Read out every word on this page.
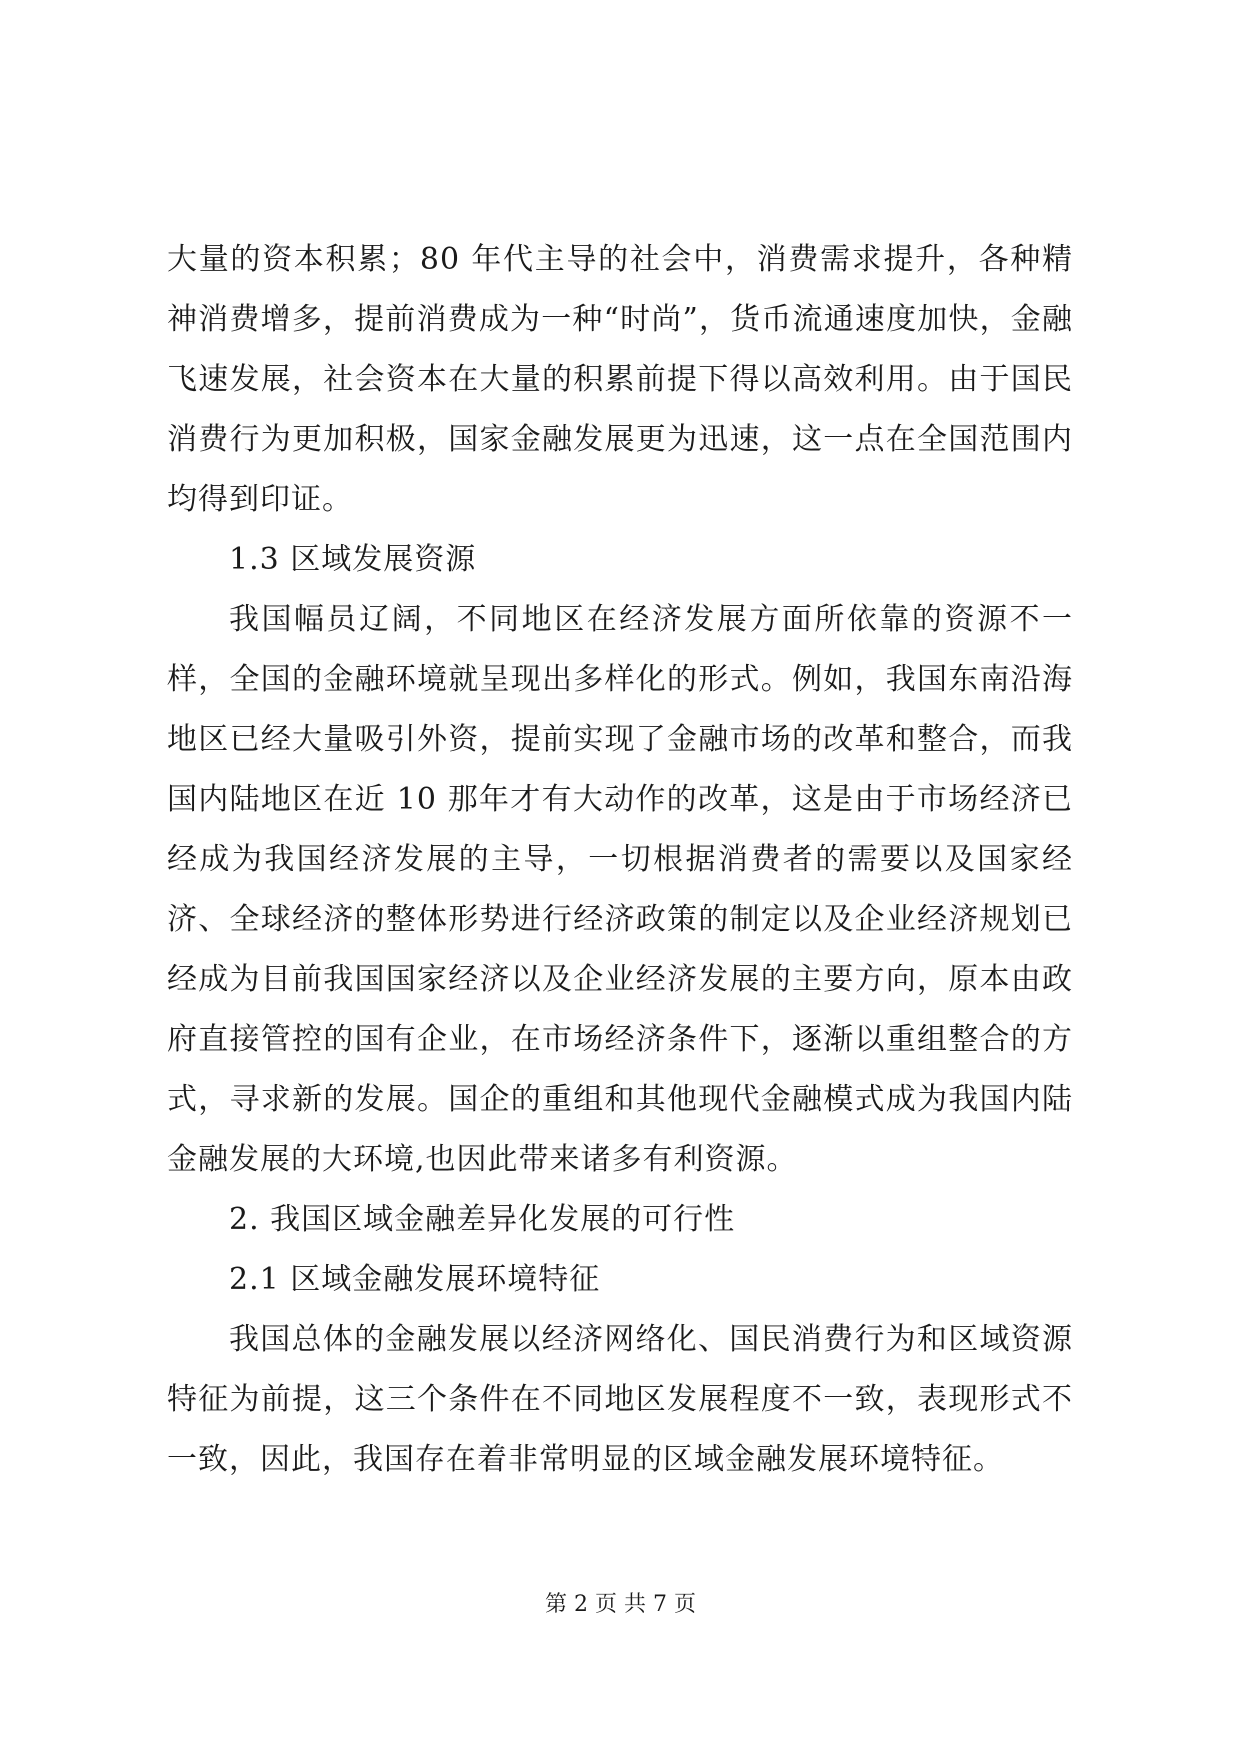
大量的资本积累；80 年代主导的社会中，消费需求提升，各种精神消费增多，提前消费成为一种“时尚”，货币流通速度加快，金融飞速发展，社会资本在大量的积累前提下得以高效利用。由于国民消费行为更加积极，国家金融发展更为迅速，这一点在全国范围内均得到印证。

1.3 区域发展资源

我国幅员辽阔，不同地区在经济发展方面所依靠的资源不一样，全国的金融环境就呈现出多样化的形式。例如，我国东南沿海地区已经大量吸引外资，提前实现了金融市场的改革和整合，而我国内陆地区在近 10 那年才有大动作的改革，这是由于市场经济已经成为我国经济发展的主导，一切根据消费者的需要以及国家经济、全球经济的整体形势进行经济政策的制定以及企业经济规划已经成为目前我国国家经济以及企业经济发展的主要方向，原本由政府直接管控的国有企业，在市场经济条件下，逐渐以重组整合的方式，寻求新的发展。国企的重组和其他现代金融模式成为我国内陆金融发展的大环境,也因此带来诸多有利资源。

2. 我国区域金融差异化发展的可行性

2.1 区域金融发展环境特征

我国总体的金融发展以经济网络化、国民消费行为和区域资源特征为前提，这三个条件在不同地区发展程度不一致，表现形式不一致，因此，我国存在着非常明显的区域金融发展环境特征。

第 2 页 共 7 页
